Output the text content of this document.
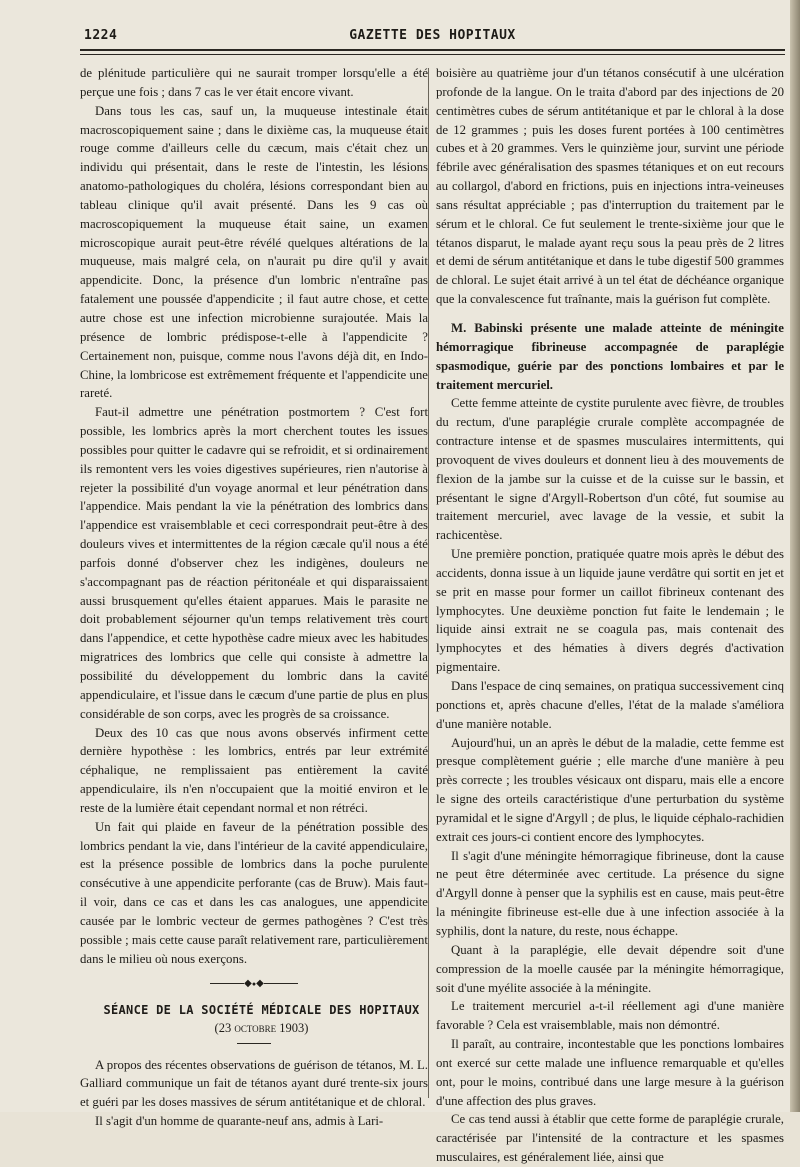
1224	GAZETTE DES HOPITAUX

de plénitude particulière qui ne saurait tromper lorsqu'elle a été perçue une fois ; dans 7 cas le ver était encore vivant.

Dans tous les cas, sauf un, la muqueuse intestinale était macroscopiquement saine ; dans le dixième cas, la muqueuse était rouge comme d'ailleurs celle du cæcum, mais c'était chez un individu qui présentait, dans le reste de l'intestin, les lésions anatomo-pathologiques du choléra, lésions correspondant bien au tableau clinique qu'il avait présenté. Dans les 9 cas où macroscopiquement la muqueuse était saine, un examen microscopique aurait peut-être révélé quelques altérations de la muqueuse, mais malgré cela, on n'aurait pu dire qu'il y avait appendicite. Donc, la présence d'un lombric n'entraîne pas fatalement une poussée d'appendicite ; il faut autre chose, et cette autre chose est une infection microbienne surajoutée. Mais la présence de lombric prédispose-t-elle à l'appendicite ? Certainement non, puisque, comme nous l'avons déjà dit, en Indo-Chine, la lombricose est extrêmement fréquente et l'appendicite une rareté.

Faut-il admettre une pénétration postmortem ? C'est fort possible, les lombrics après la mort cherchent toutes les issues possibles pour quitter le cadavre qui se refroidit, et si ordinairement ils remontent vers les voies digestives supérieures, rien n'autorise à rejeter la possibilité d'un voyage anormal et leur pénétration dans l'appendice. Mais pendant la vie la pénétration des lombrics dans l'appendice est vraisemblable et ceci correspondrait peut-être à des douleurs vives et intermittentes de la région cæcale qu'il nous a été parfois donné d'observer chez les indigènes, douleurs ne s'accompagnant pas de réaction péritonéale et qui disparaissaient aussi brusquement qu'elles étaient apparues. Mais le parasite ne doit probablement séjourner qu'un temps relativement très court dans l'appendice, et cette hypothèse cadre mieux avec les habitudes migratrices des lombrics que celle qui consiste à admettre la possibilité du développement du lombric dans la cavité appendiculaire, et l'issue dans le cæcum d'une partie de plus en plus considérable de son corps, avec les progrès de sa croissance.

Deux des 10 cas que nous avons observés infirment cette dernière hypothèse : les lombrics, entrés par leur extrémité céphalique, ne remplissaient pas entièrement la cavité appendiculaire, ils n'en n'occupaient que la moitié environ et le reste de la lumière était cependant normal et non rétréci.

Un fait qui plaide en faveur de la pénétration possible des lombrics pendant la vie, dans l'intérieur de la cavité appendiculaire, est la présence possible de lombrics dans la poche purulente consécutive à une appendicite perforante (cas de Bruw). Mais faut-il voir, dans ce cas et dans les cas analogues, une appendicite causée par le lombric vecteur de germes pathogènes ? C'est très possible ; mais cette cause paraît relativement rare, particulièrement dans le milieu où nous exerçons.

◆●◆

SÉANCE DE LA SOCIÉTÉ MÉDICALE DES HOPITAUX

(23 octobre 1903)

A propos des récentes observations de guérison de tétanos, M. L. Galliard communique un fait de tétanos ayant duré trente-six jours et guéri par les doses massives de sérum antitétanique et de chloral.

Il s'agit d'un homme de quarante-neuf ans, admis à Lari-

boisière au quatrième jour d'un tétanos consécutif à une ulcération profonde de la langue. On le traita d'abord par des injections de 20 centimètres cubes de sérum antitétanique et par le chloral à la dose de 12 grammes ; puis les doses furent portées à 100 centimètres cubes et à 20 grammes. Vers le quinzième jour, survint une période fébrile avec généralisation des spasmes tétaniques et on eut recours au collargol, d'abord en frictions, puis en injections intra-veineuses sans résultat appréciable ; pas d'interruption du traitement par le sérum et le chloral. Ce fut seulement le trente-sixième jour que le tétanos disparut, le malade ayant reçu sous la peau près de 2 litres et demi de sérum antitétanique et dans le tube digestif 500 grammes de chloral. Le sujet était arrivé à un tel état de déchéance organique que la convalescence fut traînante, mais la guérison fut complète.

M. Babinski présente une malade atteinte de méningite hémorragique fibrineuse accompagnée de paraplégie spasmodique, guérie par des ponctions lombaires et par le traitement mercuriel.

Cette femme atteinte de cystite purulente avec fièvre, de troubles du rectum, d'une paraplégie crurale complète accompagnée de contracture intense et de spasmes musculaires intermittents, qui provoquent de vives douleurs et donnent lieu à des mouvements de flexion de la jambe sur la cuisse et de la cuisse sur le bassin, et présentant le signe d'Argyll-Robertson d'un côté, fut soumise au traitement mercuriel, avec lavage de la vessie, et subit la rachicentèse.

Une première ponction, pratiquée quatre mois après le début des accidents, donna issue à un liquide jaune verdâtre qui sortit en jet et se prit en masse pour former un caillot fibrineux contenant des lymphocytes. Une deuxième ponction fut faite le lendemain ; le liquide ainsi extrait ne se coagula pas, mais contenait des lymphocytes et des hématies à divers degrés d'activation pigmentaire.

Dans l'espace de cinq semaines, on pratiqua successivement cinq ponctions et, après chacune d'elles, l'état de la malade s'améliora d'une manière notable.

Aujourd'hui, un an après le début de la maladie, cette femme est presque complètement guérie ; elle marche d'une manière à peu près correcte ; les troubles vésicaux ont disparu, mais elle a encore le signe des orteils caractéristique d'une perturbation du système pyramidal et le signe d'Argyll ; de plus, le liquide céphalo-rachidien extrait ces jours-ci contient encore des lymphocytes.

Il s'agit d'une méningite hémorragique fibrineuse, dont la cause ne peut être déterminée avec certitude. La présence du signe d'Argyll donne à penser que la syphilis est en cause, mais peut-être la méningite fibrineuse est-elle due à une infection associée à la syphilis, dont la nature, du reste, nous échappe.

Quant à la paraplégie, elle devait dépendre soit d'une compression de la moelle causée par la méningite hémorragique, soit d'une myélite associée à la méningite.

Le traitement mercuriel a-t-il réellement agi d'une manière favorable ? Cela est vraisemblable, mais non démontré.

Il paraît, au contraire, incontestable que les ponctions lombaires ont exercé sur cette malade une influence remarquable et qu'elles ont, pour le moins, contribué dans une large mesure à la guérison d'une affection des plus graves.

Ce cas tend aussi à établir que cette forme de paraplégie crurale, caractérisée par l'intensité de la contracture et les spasmes musculaires, est généralement liée, ainsi que
